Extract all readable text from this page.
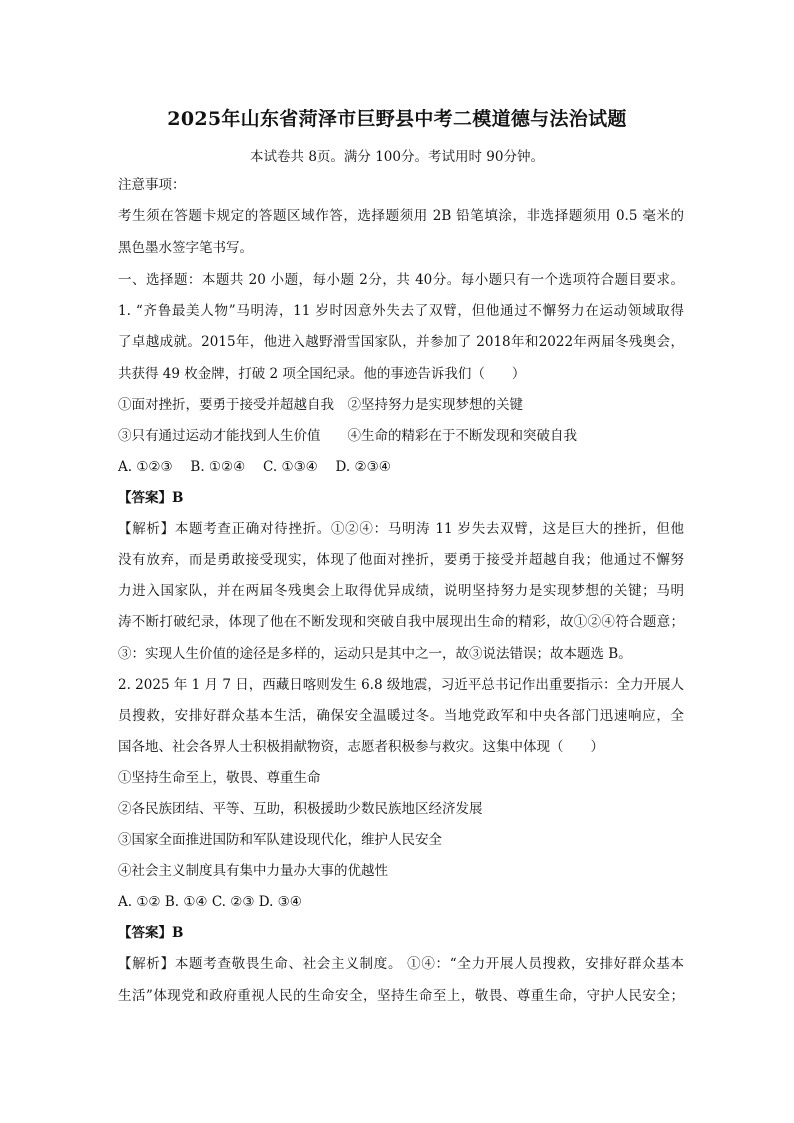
2025年山东省菏泽市巨野县中考二模道德与法治试题
本试卷共 8页。满分 100分。考试用时 90分钟。
注意事项：
考生须在答题卡规定的答题区域作答，选择题须用 2B 铅笔填涂，非选择题须用 0.5 毫米的
黑色墨水签字笔书写。
一、选择题：本题共 20 小题，每小题 2分，共 40分。每小题只有一个选项符合题目要求。
1. “齐鲁最美人物”马明涛，11 岁时因意外失去了双臂，但他通过不懈努力在运动领域取得
了卓越成就。2015年，他进入越野滑雪国家队，并参加了 2018年和2022年两届冬残奥会，
共获得 49 枚金牌，打破 2 项全国纪录。他的事迹告诉我们（　　）
①面对挫折，要勇于接受并超越自我　②坚持努力是实现梦想的关键
③只有通过运动才能找到人生价值　　④生命的精彩在于不断发现和突破自我
A. ①②③　 B. ①②④　 C. ①③④　 D. ②③④
【答案】B
【解析】本题考查正确对待挫折。①②④：马明涛 11 岁失去双臂，这是巨大的挫折，但他
没有放弃，而是勇敢接受现实，体现了他面对挫折，要勇于接受并超越自我；他通过不懈努
力进入国家队，并在两届冬残奥会上取得优异成绩，说明坚持努力是实现梦想的关键；马明
涛不断打破纪录，体现了他在不断发现和突破自我中展现出生命的精彩，故①②④符合题意；
③：实现人生价值的途径是多样的，运动只是其中之一，故③说法错误；故本题选 B。
2. 2025 年 1 月 7 日，西藏日喀则发生 6.8 级地震，习近平总书记作出重要指示：全力开展人
员搜救，安排好群众基本生活，确保安全温暖过冬。当地党政军和中央各部门迅速响应，全
国各地、社会各界人士积极捐献物资，志愿者积极参与救灾。这集中体现（　　）
①坚持生命至上，敬畏、尊重生命
②各民族团结、平等、互助，积极援助少数民族地区经济发展
③国家全面推进国防和军队建设现代化，维护人民安全
④社会主义制度具有集中力量办大事的优越性
A. ①② B. ①④ C. ②③ D. ③④
【答案】B
【解析】本题考查敬畏生命、社会主义制度。 ①④：“全力开展人员搜救，安排好群众基本
生活”体现党和政府重视人民的生命安全，坚持生命至上，敬畏、尊重生命，守护人民安全；
